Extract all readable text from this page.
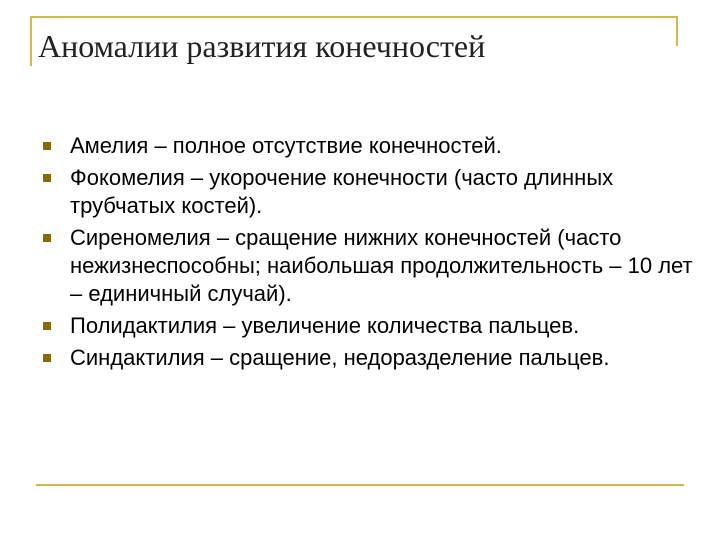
Аномалии развития конечностей
Амелия – полное отсутствие конечностей.
Фокомелия – укорочение конечности (часто длинных трубчатых костей).
Сиреномелия – сращение нижних конечностей (часто нежизнеспособны; наибольшая продолжительность – 10 лет – единичный случай).
Полидактилия – увеличение количества пальцев.
Синдактилия – сращение, недоразделение пальцев.
